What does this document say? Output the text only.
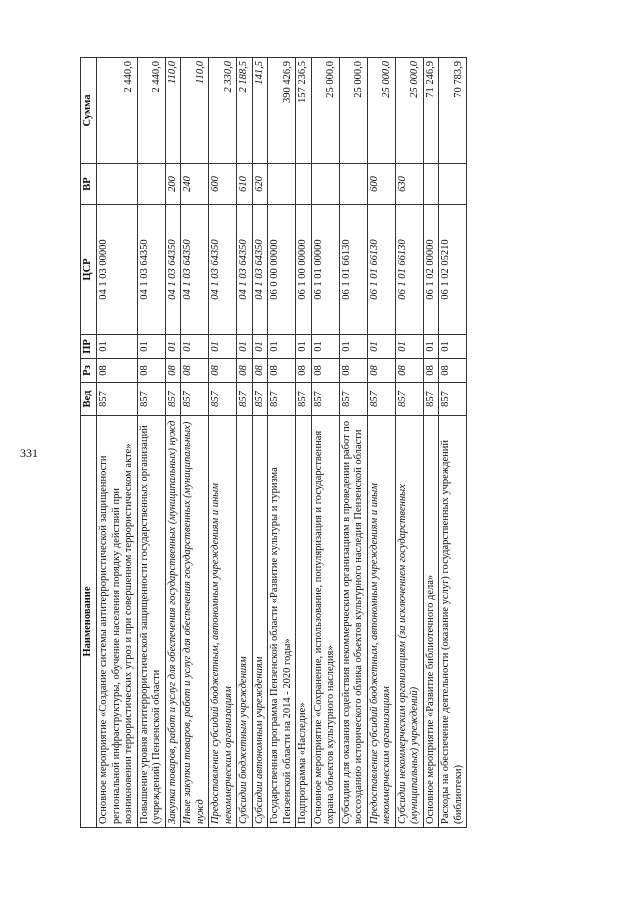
331
Наименование	Вед	Рз	ПР	ЦСР	ВР	Сумма
Основное мероприятие «Создание системы антитеррористической защищенности региональной инфраструктуры, обучение населения порядку действий при возникновении террористических угроз и при совершенном террористическом акте»	857	08	01	04 1 03 00000		2 440,0
Повышение уровня антитеррористической защищенности государственных организаций (учреждений) Пензенской области	857	08	01	04 1 03 64350		2 440,0
Закупка товаров, работ и услуг для обеспечения государственных (муниципальных) нужд	857	08	01	04 1 03 64350	200	110,0
Иные закупки товаров, работ и услуг для обеспечения государственных (муниципальных) нужд	857	08	01	04 1 03 64350	240	110,0
Предоставление субсидий бюджетным, автономным учреждениям и иным некоммерческим организациям	857	08	01	04 1 03 64350	600	2 330,0
Субсидии бюджетным учреждениям	857	08	01	04 1 03 64350	610	2 188,5
Субсидии автономным учреждениям	857	08	01	04 1 03 64350	620	141,5
Государственная программа Пензенской области «Развитие культуры и туризма Пензенской области на 2014 - 2020 годы»	857	08	01	06 0 00 00000		390 426,9
Подпрограмма «Наследие»	857	08	01	06 1 00 00000		157 236,5
Основное мероприятие «Сохранение, использование, популяризация и государственная охрана объектов культурного наследия»	857	08	01	06 1 01 00000		25 000,0
Субсидии для оказания содействия некоммерческим организациям в проведении работ по воссозданию исторического облика объектов культурного наследия Пензенской области	857	08	01	06 1 01 66130		25 000,0
Предоставление субсидий бюджетным, автономным учреждениям и иным некоммерческим организациям	857	08	01	06 1 01 66130	600	25 000,0
Субсидии некоммерческим организациям (за исключением государственных (муниципальных) учреждений)	857	08	01	06 1 01 66130	630	25 000,0
Основное мероприятие «Развитие библиотечного дела»	857	08	01	06 1 02 00000		71 246,9
Расходы на обеспечение деятельности (оказание услуг) государственных учреждений (библиотеки)	857	08	01	06 1 02 05210		70 783,9
